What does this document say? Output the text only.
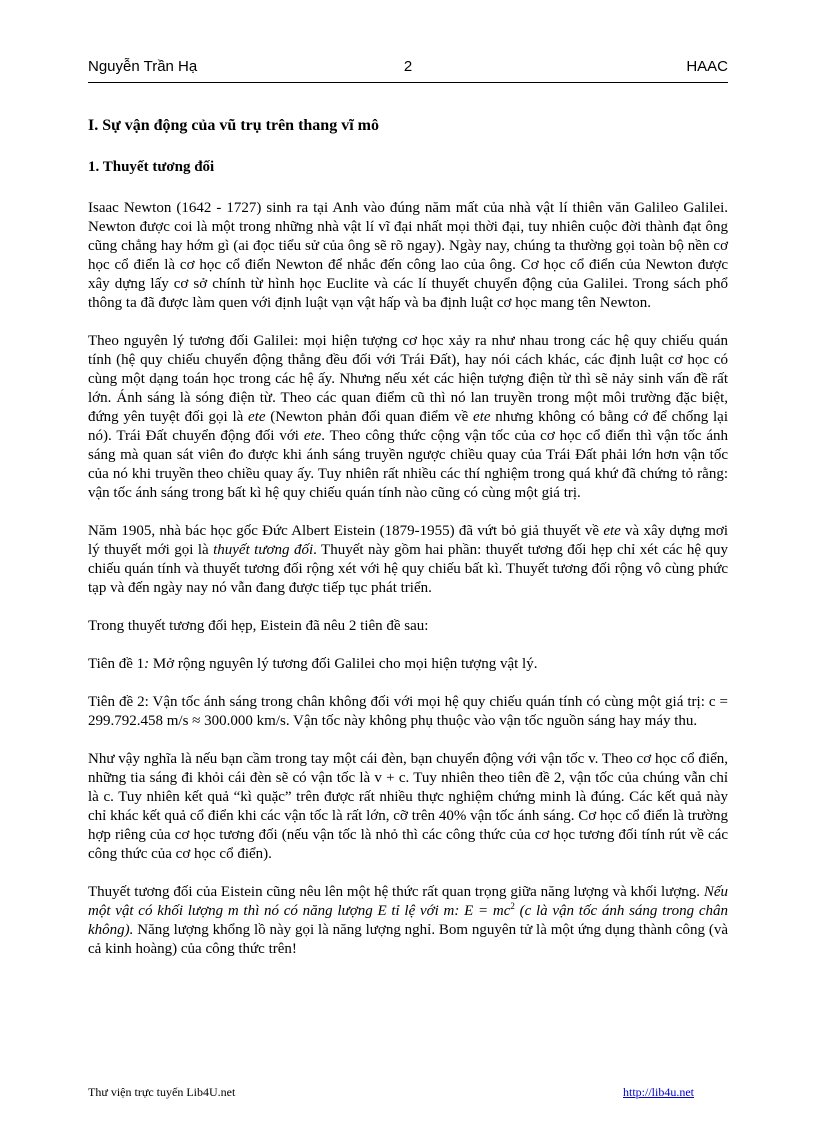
Nguyễn Trần Hạ	2	HAAC
I. Sự vận động của vũ trụ trên thang vĩ mô
1. Thuyết tương đối

Isaac Newton (1642 - 1727) sinh ra tại Anh vào đúng năm mất của nhà vật lí thiên văn Galileo Galilei. Newton được coi là một trong những nhà vật lí vĩ đại nhất mọi thời đại, tuy nhiên cuộc đời thành đạt ông cũng chẳng hay hớm gì (ai đọc tiểu sử của ông sẽ rõ ngay). Ngày nay, chúng ta thường gọi toàn bộ nền cơ học cổ điển là cơ học cổ điển Newton để nhắc đến công lao của ông. Cơ học cổ điển của Newton được xây dựng lấy cơ sở chính từ hình học Euclite và các lí thuyết chuyển động của Galilei. Trong sách phổ thông ta đã được làm quen với định luật vạn vật hấp và ba định luật cơ học mang tên Newton.

Theo nguyên lý tương đối Galilei: mọi hiện tượng cơ học xảy ra như nhau trong các hệ quy chiếu quán tính (hệ quy chiếu chuyển động thẳng đều đối với Trái Đất), hay nói cách khác, các định luật cơ học có cùng một dạng toán học trong các hệ ấy. Nhưng nếu xét các hiện tượng điện từ thì sẽ nảy sinh vấn đề rất lớn. Ánh sáng là sóng điện từ. Theo các quan điểm cũ thì nó lan truyền trong một môi trường đặc biệt, đứng yên tuyệt đối gọi là ete (Newton phản đối quan điểm về ete nhưng không có bằng cớ để chống lại nó). Trái Đất chuyển động đối với ete. Theo công thức cộng vận tốc của cơ học cổ điển thì vận tốc ánh sáng mà quan sát viên đo được khi ánh sáng truyền ngược chiều quay của Trái Đất phải lớn hơn vận tốc của nó khi truyền theo chiều quay ấy. Tuy nhiên rất nhiều các thí nghiệm trong quá khứ đã chứng tỏ rằng: vận tốc ánh sáng trong bất kì hệ quy chiếu quán tính nào cũng có cùng một giá trị.

Năm 1905, nhà bác học gốc Đức Albert Eistein (1879-1955) đã vứt bỏ giả thuyết về ete và xây dựng mơi lý thuyết mới gọi là thuyết tương đối. Thuyết này gồm hai phần: thuyết tương đối hẹp chỉ xét các hệ quy chiếu quán tính và thuyết tương đối rộng xét với hệ quy chiếu bất kì. Thuyết tương đối rộng vô cùng phức tạp và đến ngày nay nó vẫn đang được tiếp tục phát triển.

Trong thuyết tương đối hẹp, Eistein đã nêu 2 tiên đề sau:

Tiên đề 1: Mở rộng nguyên lý tương đối Galilei cho mọi hiện tượng vật lý.

Tiên đề 2: Vận tốc ánh sáng trong chân không đối với mọi hệ quy chiếu quán tính có cùng một giá trị: c = 299.792.458 m/s ≈ 300.000 km/s. Vận tốc này không phụ thuộc vào vận tốc nguồn sáng hay máy thu.

Như vậy nghĩa là nếu bạn cầm trong tay một cái đèn, bạn chuyển động với vận tốc v. Theo cơ học cổ điển, những tia sáng đi khỏi cái đèn sẽ có vận tốc là v + c. Tuy nhiên theo tiên đề 2, vận tốc của chúng vẫn chỉ là c. Tuy nhiên kết quả “kì quặc” trên được rất nhiều thực nghiệm chứng minh là đúng. Các kết quả này chỉ khác kết quả cổ điển khi các vận tốc là rất lớn, cỡ trên 40% vận tốc ánh sáng. Cơ học cổ điển là trường hợp riêng của cơ học tương đối (nếu vận tốc là nhỏ thì các công thức của cơ học tương đối tính rút về các công thức của cơ học cổ điển).

Thuyết tương đối của Eistein cũng nêu lên một hệ thức rất quan trọng giữa năng lượng và khối lượng. Nếu một vật có khối lượng m thì nó có năng lượng E tỉ lệ với m: $E = mc^2$ (c là vận tốc ánh sáng trong chân không). Năng lượng khổng lồ này gọi là năng lượng nghỉ. Bom nguyên tử là một ứng dụng thành công (và cả kinh hoàng) của công thức trên!

Thư viện trực tuyến Lib4U.net	http://lib4u.net
